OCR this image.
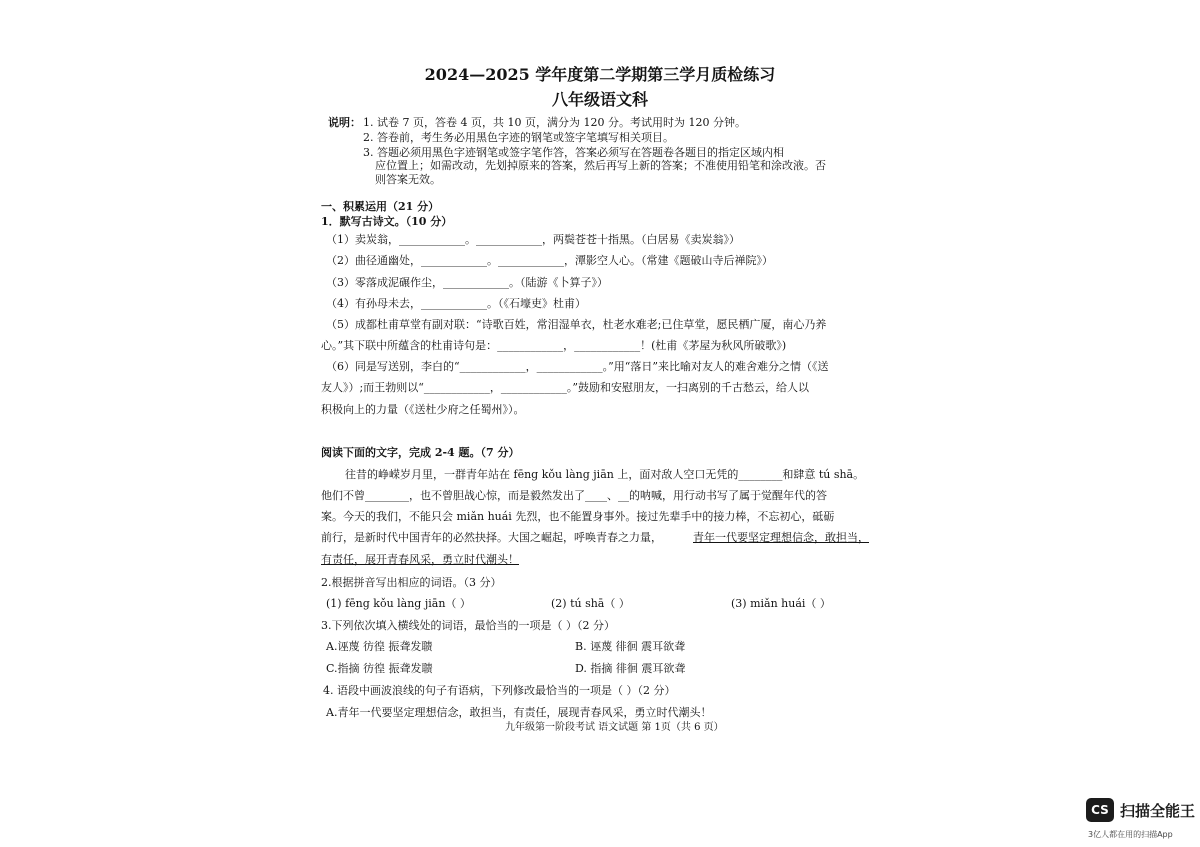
2024—2025 学年度第二学期第三学月质检练习
八年级语文科
说明： 1. 试卷 7 页，答卷 4 页，共 10 页，满分为 120 分。考试用时为 120 分钟。
2. 答卷前，考生务必用黑色字迹的钢笔或签字笔填写相关项目。
3. 答题必须用黑色字迹钢笔或签字笔作答，答案必须写在答题卷各题目的指定区域内相
应位置上；如需改动，先划掉原来的答案，然后再写上新的答案；不准使用铅笔和涂改液。否
则答案无效。
一、积累运用（21 分）
1．默写古诗文。（10 分）
（1）卖炭翁，____________。____________，两鬓苍苍十指黑。（白居易《卖炭翁》）
（2）曲径通幽处，____________。____________，潭影空人心。（常建《题破山寺后禅院》）
（3）零落成泥碾作尘，____________。（陆游《卜算子》）
（4）有孙母未去，____________。（《石壕吏》杜甫）
（5）成都杜甫草堂有副对联：“诗歌百姓，常泪湿单衣，杜老水难老;已住草堂，愿民栖广厦，南心乃养
心。”其下联中所蕴含的杜甫诗句是：____________，____________！(杜甫《茅屋为秋风所破歌》)
（6）同是写送别，李白的“____________，____________。”用“落日”来比喻对友人的难舍难分之情（《送
友人》）;而王勃则以“____________，____________。”鼓励和安慰朋友，一扫离别的千古愁云，给人以
积极向上的力量（《送杜少府之任蜀州》）。
阅读下面的文字，完成 2-4 题。（7 分）
往昔的峥嵘岁月里，一群青年站在 fēng kǒu làng jiān 上，面对敌人空口无凭的________和肆意 tú shā。
他们不曾________，也不曾胆战心惊，而是毅然发出了____、__的呐喊，用行动书写了属于觉醒年代的答
案。今天的我们，不能只会 miǎn huái 先烈，也不能置身事外。接过先辈手中的接力棒，不忘初心，砥砺
前行，是新时代中国青年的必然抉择。大国之崛起，呼唤青春之力量，	青年一代要坚定理想信念，敢担当，
有责任，展开青春风采，勇立时代潮头！
2.根据拼音写出相应的词语。（3 分）
(1) fēng kǒu làng jiān（ ）	(2) tú shā（ ）	(3) miǎn huái（ ）
3.下列依次填入横线处的词语，最恰当的一项是（ ）（2 分）
A.诬蔑 彷徨 振聋发聩	B. 诬蔑 徘徊 震耳欲聋
C.指摘 彷徨 振聋发聩	D. 指摘 徘徊 震耳欲聋
4. 语段中画波浪线的句子有语病，下列修改最恰当的一项是（ ）（2 分）
A.青年一代要坚定理想信念，敢担当，有责任，展现青春风采，勇立时代潮头！
九年级第一阶段考试 语文试题 第 1页（共 6 页）
CS 扫描全能王
3亿人都在用的扫描App
